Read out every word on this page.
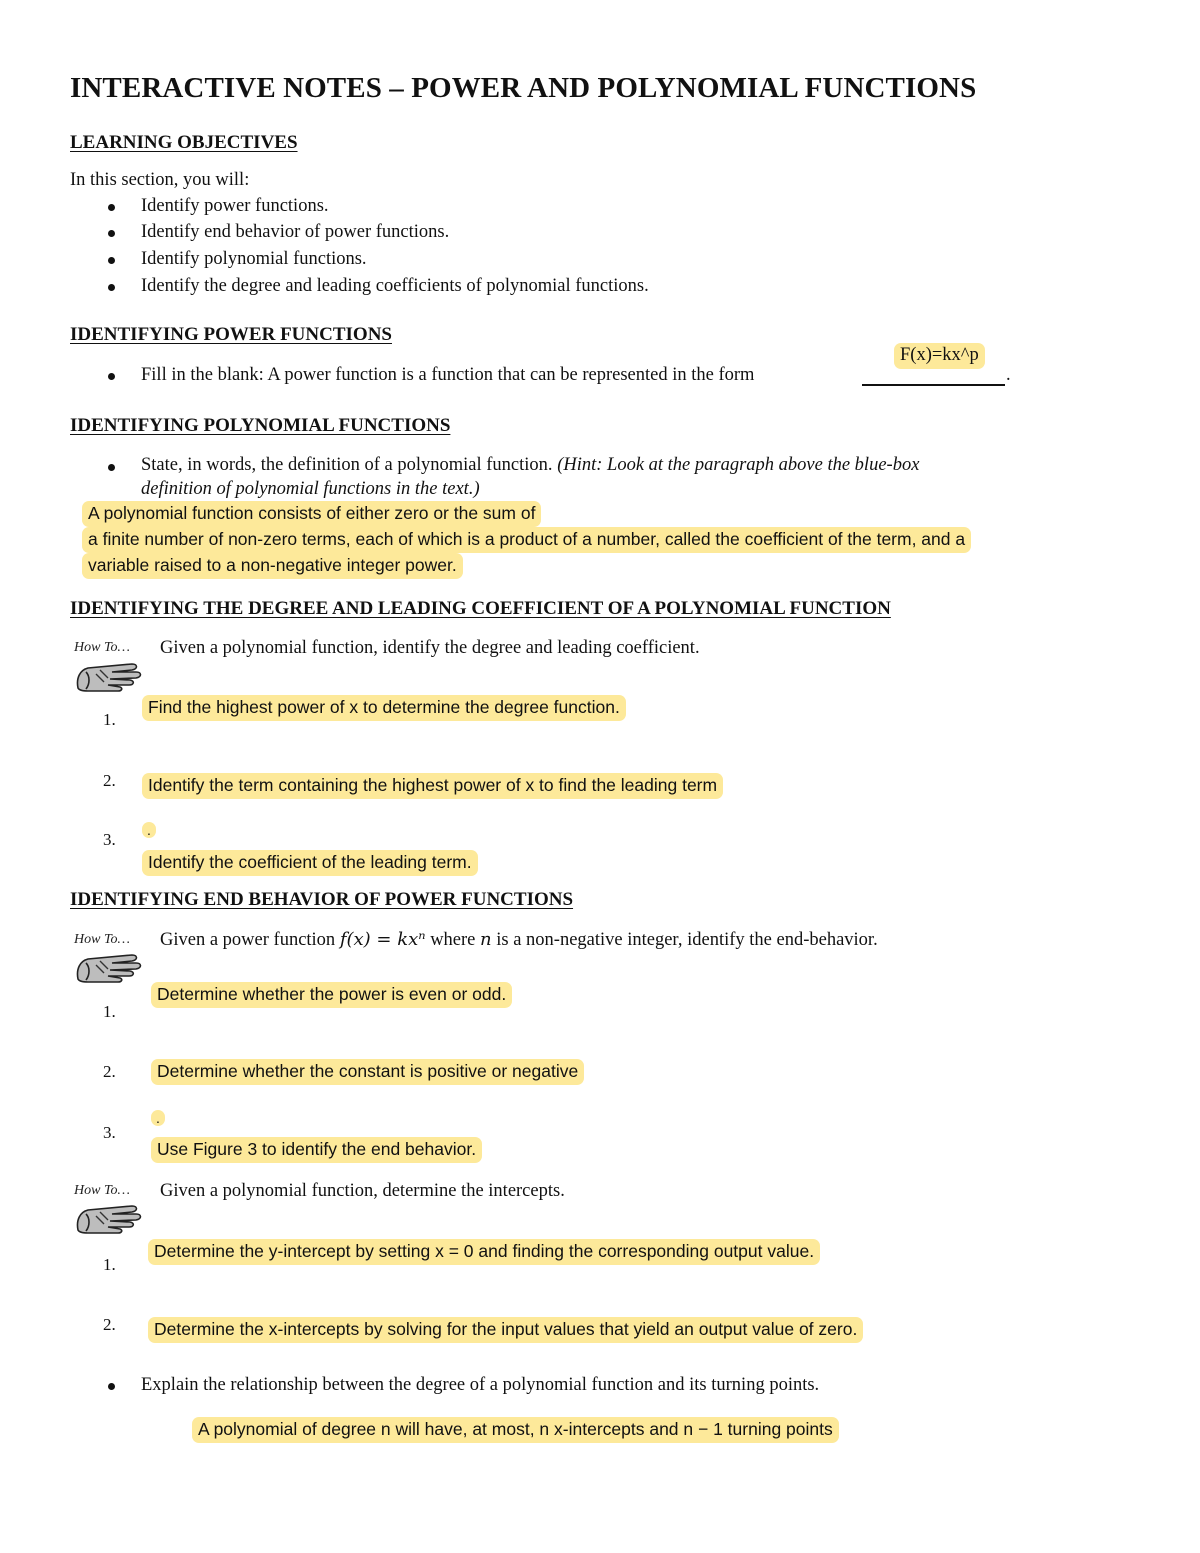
INTERACTIVE NOTES – POWER AND POLYNOMIAL FUNCTIONS
LEARNING OBJECTIVES
In this section, you will:
Identify power functions.
Identify end behavior of power functions.
Identify polynomial functions.
Identify the degree and leading coefficients of polynomial functions.
IDENTIFYING POWER FUNCTIONS
F(x)=kx^p
Fill in the blank: A power function is a function that can be represented in the form	.
IDENTIFYING POLYNOMIAL FUNCTIONS
State, in words, the definition of a polynomial function. (Hint: Look at the paragraph above the blue-box
definition of polynomial functions in the text.)
A polynomial function consists of either zero or the sum of
a finite number of non-zero terms, each of which is a product of a number, called the coefficient of the term, and a
variable raised to a non-negative integer power.
IDENTIFYING THE DEGREE AND LEADING COEFFICIENT OF A POLYNOMIAL FUNCTION
How To… Given a polynomial function, identify the degree and leading coefficient.
1.
Find the highest power of x to determine the degree function.
2.	Identify the term containing the highest power of x to find the leading term
3.	.
Identify the coefficient of the leading term.
IDENTIFYING END BEHAVIOR OF POWER FUNCTIONS
How To… Given a power function f(x) = kxⁿ where n is a non-negative integer, identify the end-behavior.
1.
Determine whether the power is even or odd.
2.	Determine whether the constant is positive or negative
3.
.
Use Figure 3 to identify the end behavior.
How To… Given a polynomial function, determine the intercepts.
1.
Determine the y-intercept by setting x = 0 and finding the corresponding output value.
2.	Determine the x-intercepts by solving for the input values that yield an output value of zero.
Explain the relationship between the degree of a polynomial function and its turning points.
A polynomial of degree n will have, at most, n x-intercepts and n − 1 turning points
